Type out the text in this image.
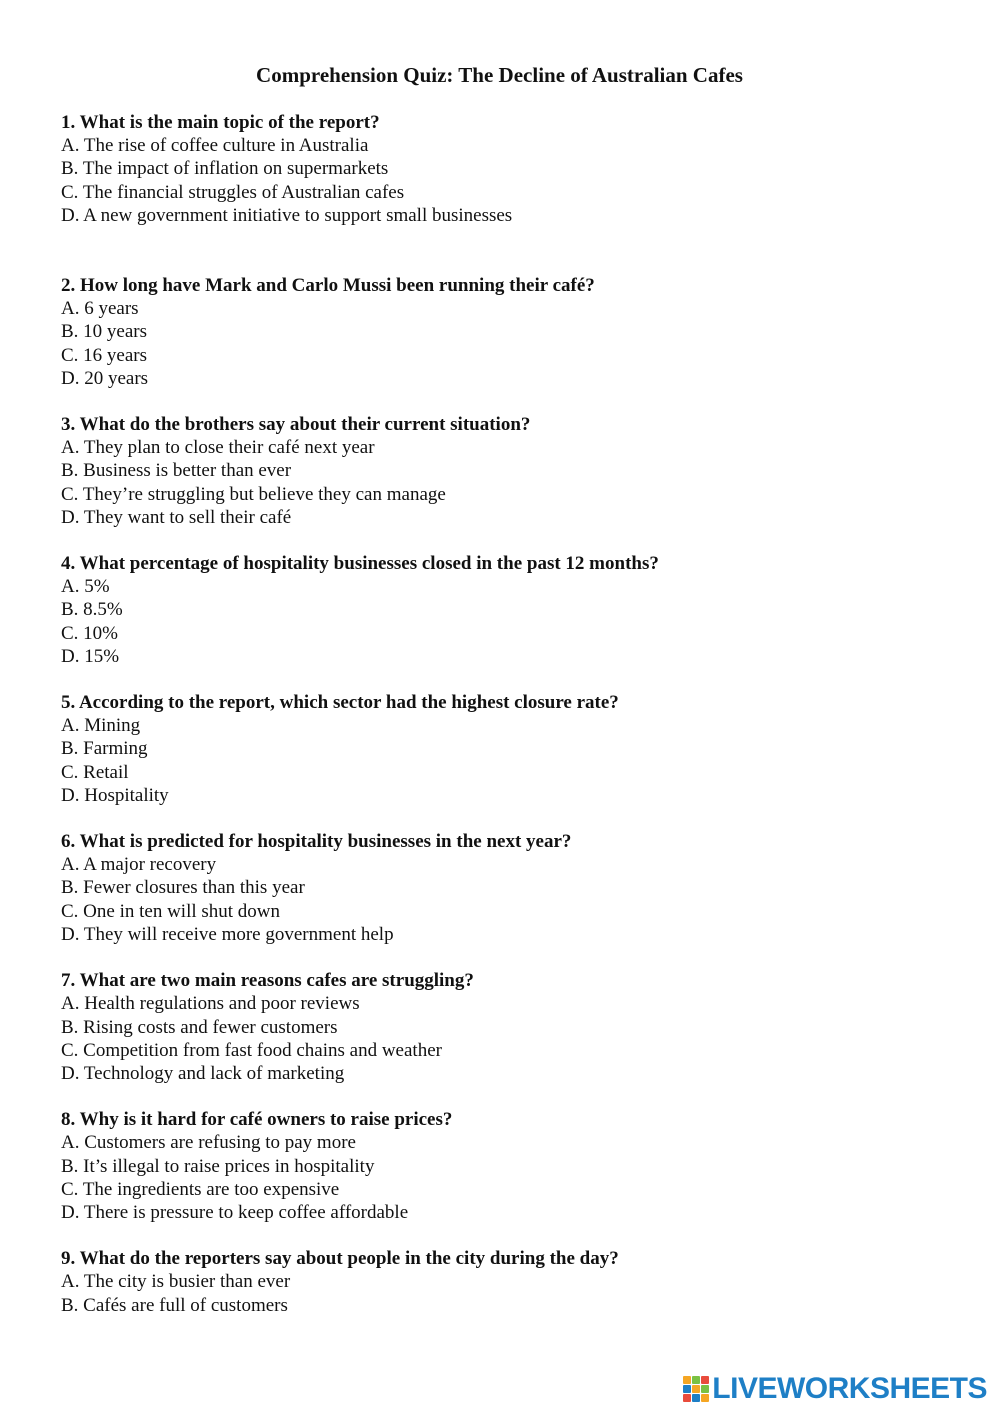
Comprehension Quiz: The Decline of Australian Cafes
1. What is the main topic of the report?
A. The rise of coffee culture in Australia
B. The impact of inflation on supermarkets
C. The financial struggles of Australian cafes
D. A new government initiative to support small businesses
2. How long have Mark and Carlo Mussi been running their café?
A. 6 years
B. 10 years
C. 16 years
D. 20 years
3. What do the brothers say about their current situation?
A. They plan to close their café next year
B. Business is better than ever
C. They’re struggling but believe they can manage
D. They want to sell their café
4. What percentage of hospitality businesses closed in the past 12 months?
A. 5%
B. 8.5%
C. 10%
D. 15%
5. According to the report, which sector had the highest closure rate?
A. Mining
B. Farming
C. Retail
D. Hospitality
6. What is predicted for hospitality businesses in the next year?
A. A major recovery
B. Fewer closures than this year
C. One in ten will shut down
D. They will receive more government help
7. What are two main reasons cafes are struggling?
A. Health regulations and poor reviews
B. Rising costs and fewer customers
C. Competition from fast food chains and weather
D. Technology and lack of marketing
8. Why is it hard for café owners to raise prices?
A. Customers are refusing to pay more
B. It’s illegal to raise prices in hospitality
C. The ingredients are too expensive
D. There is pressure to keep coffee affordable
9. What do the reporters say about people in the city during the day?
A. The city is busier than ever
B. Cafés are full of customers
LIVEWORKSHEETS
